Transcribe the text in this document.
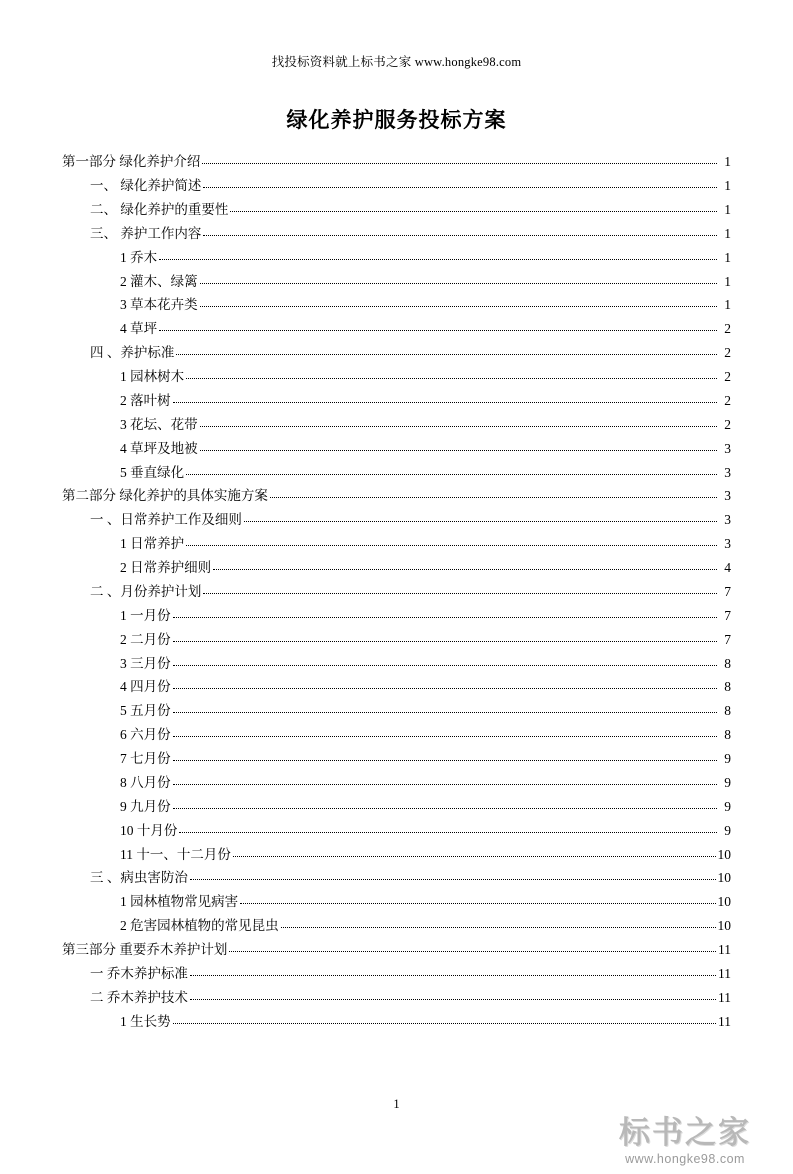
找投标资料就上标书之家 www.hongke98.com
绿化养护服务投标方案
第一部分 绿化养护介绍	1
一、 绿化养护简述	1
二、 绿化养护的重要性	1
三、 养护工作内容	1
1 乔木	1
2 灌木、绿篱	1
3 草本花卉类	1
4 草坪	2
四 、养护标准	2
1 园林树木	2
2 落叶树	2
3 花坛、花带	2
4 草坪及地被	3
5 垂直绿化	3
第二部分 绿化养护的具体实施方案	3
一 、日常养护工作及细则	3
1 日常养护	3
2 日常养护细则	4
二 、月份养护计划	7
1 一月份	7
2 二月份	7
3 三月份	8
4 四月份	8
5 五月份	8
6 六月份	8
7 七月份	9
8 八月份	9
9 九月份	9
10 十月份	9
11 十一、十二月份	10
三 、病虫害防治	10
1 园林植物常见病害	10
2 危害园林植物的常见昆虫	10
第三部分 重要乔木养护计划	11
一 乔木养护标准	11
二 乔木养护技术	11
1 生长势	11
1
标书之家
www.hongke98.com
